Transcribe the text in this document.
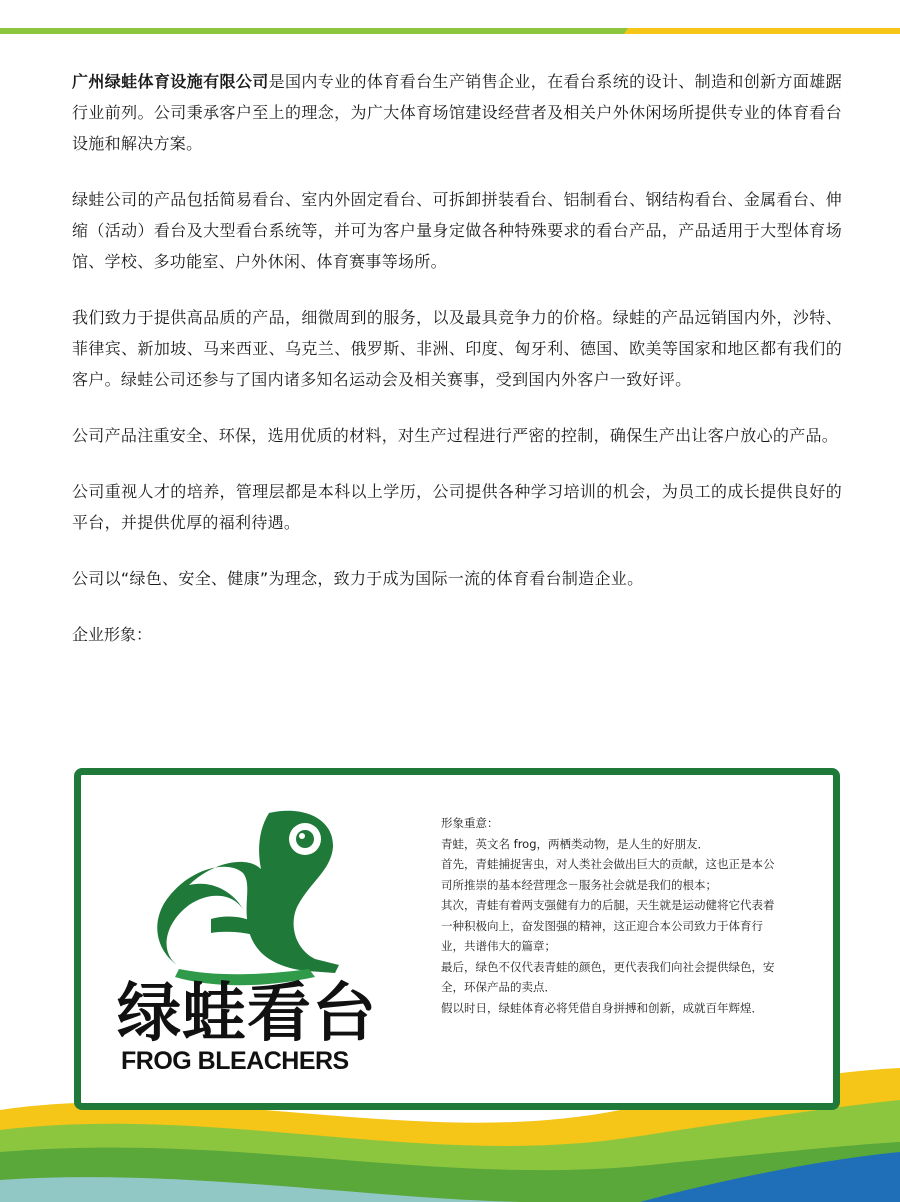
广州绿蛙体育设施有限公司是国内专业的体育看台生产销售企业，在看台系统的设计、制造和创新方面雄踞行业前列。公司秉承客户至上的理念，为广大体育场馆建设经营者及相关户外休闲场所提供专业的体育看台设施和解决方案。

绿蛙公司的产品包括简易看台、室内外固定看台、可拆卸拼装看台、铝制看台、钢结构看台、金属看台、伸缩（活动）看台及大型看台系统等，并可为客户量身定做各种特殊要求的看台产品，产品适用于大型体育场馆、学校、多功能室、户外休闲、体育赛事等场所。

我们致力于提供高品质的产品，细微周到的服务，以及最具竞争力的价格。绿蛙的产品远销国内外，沙特、菲律宾、新加坡、马来西亚、乌克兰、俄罗斯、非洲、印度、匈牙利、德国、欧美等国家和地区都有我们的客户。绿蛙公司还参与了国内诸多知名运动会及相关赛事，受到国内外客户一致好评。

公司产品注重安全、环保，选用优质的材料，对生产过程进行严密的控制，确保生产出让客户放心的产品。

公司重视人才的培养，管理层都是本科以上学历，公司提供各种学习培训的机会，为员工的成长提供良好的平台，并提供优厚的福利待遇。

公司以“绿色、安全、健康”为理念，致力于成为国际一流的体育看台制造企业。

企业形象：

绿蛙看台
FROG BLEACHERS

形象重意：

青蛙，英文名 frog，两栖类动物，是人生的好朋友．

首先，青蛙捕捉害虫，对人类社会做出巨大的贡献，这也正是本公司所推崇的基本经营理念－服务社会就是我们的根本；

其次，青蛙有着两支强健有力的后腿，天生就是运动健将它代表着一种积极向上，奋发图强的精神，这正迎合本公司致力于体育行业，共谱伟大的篇章；

最后，绿色不仅代表青蛙的颜色，更代表我们向社会提供绿色，安全，环保产品的卖点．

假以时日，绿蛙体育必将凭借自身拼搏和创新，成就百年辉煌．
